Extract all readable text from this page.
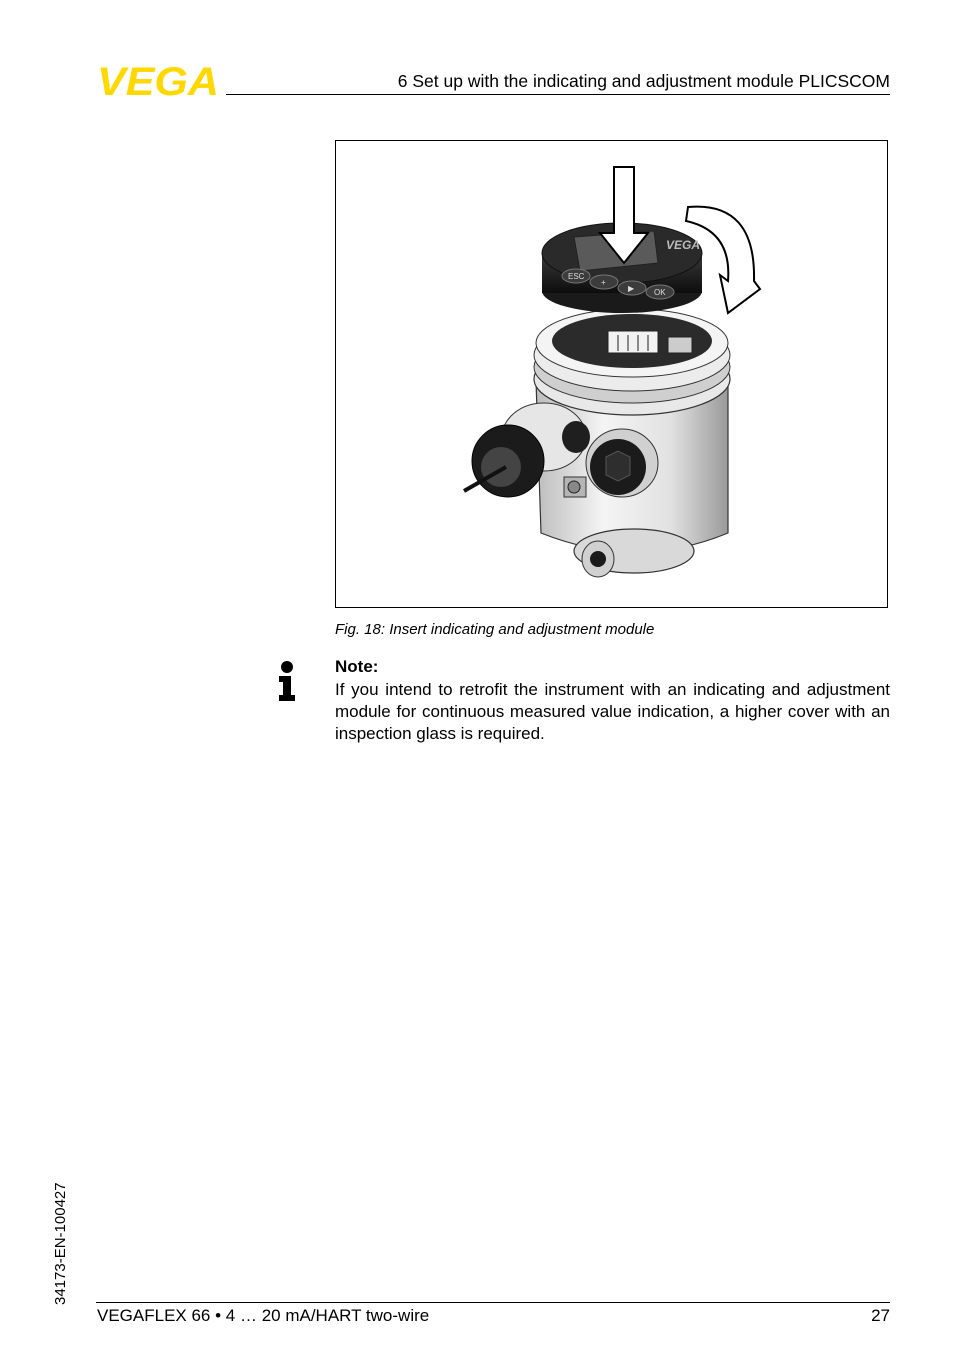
VEGA	6 Set up with the indicating and adjustment module PLICSCOM
VEGA
ESC
+
▶ OK
Fig. 18: Insert indicating and adjustment module
Note:
If you intend to retrofit the instrument with an indicating and adjustment module for continuous measured value indication, a higher cover with an inspection glass is required.
34173-EN-100427
VEGAFLEX 66 • 4 … 20 mA/HART two-wire	27
